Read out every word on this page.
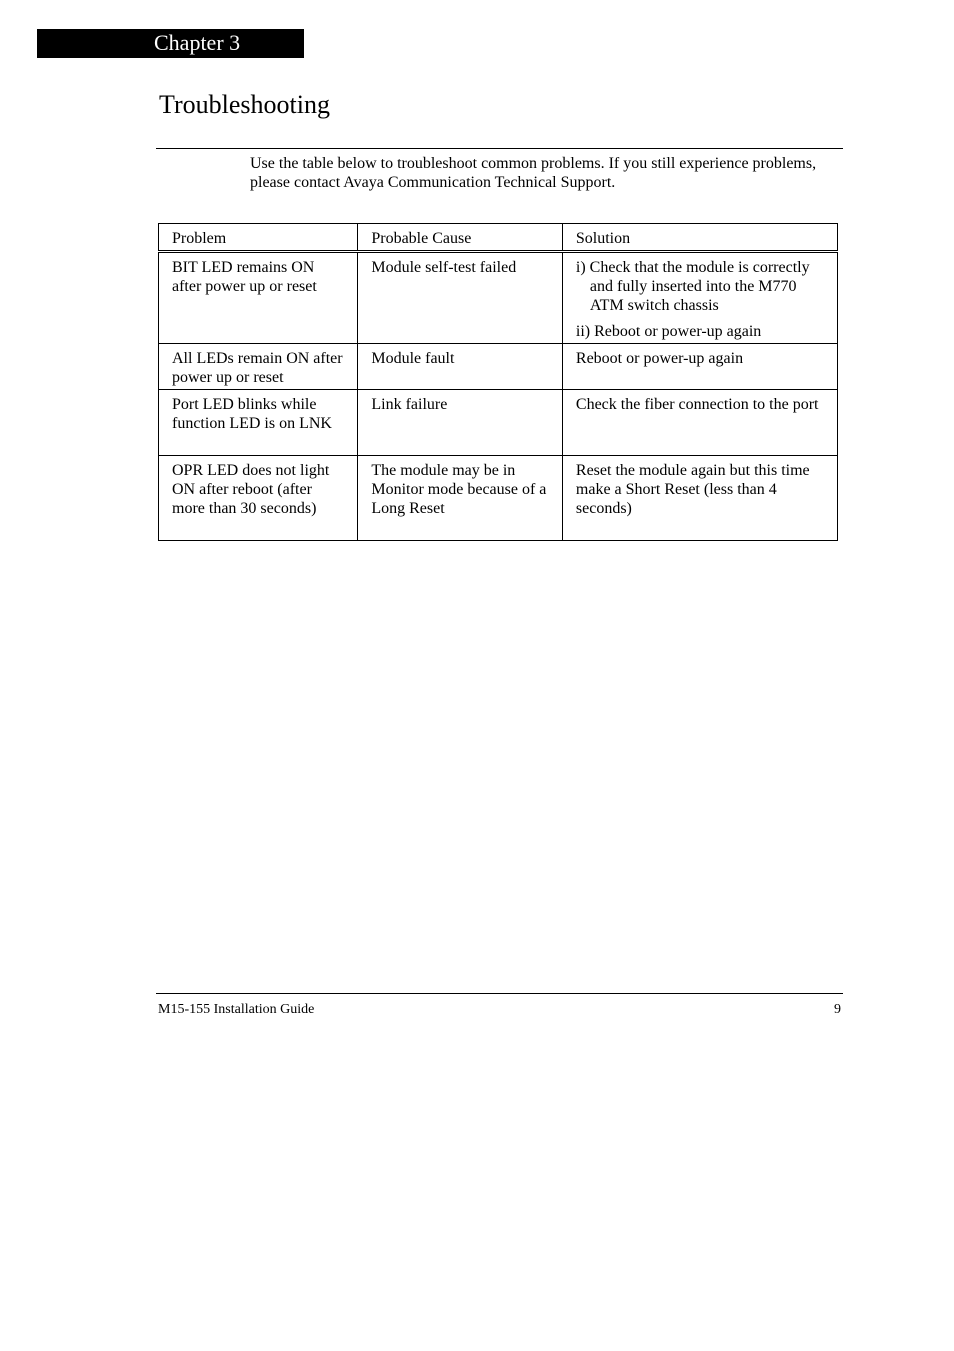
Chapter 3
Troubleshooting

Use the table below to troubleshoot common problems. If you still experience problems, please contact Avaya Communication Technical Support.

Problem	Probable Cause	Solution
BIT LED remains ON after power up or reset	Module self-test failed	i) Check that the module is correctly and fully inserted into the M770 ATM switch chassis
ii) Reboot or power-up again

All LEDs remain ON after power up or reset	Module fault	Reboot or power-up again
Port LED blinks while function LED is on LNK	Link failure	Check the fiber connection to the port
OPR LED does not light ON after reboot (after more than 30 seconds)	The module may be in Monitor mode because of a Long Reset	Reset the module again but this time make a Short Reset (less than 4 seconds)
M15-155 Installation Guide	9
